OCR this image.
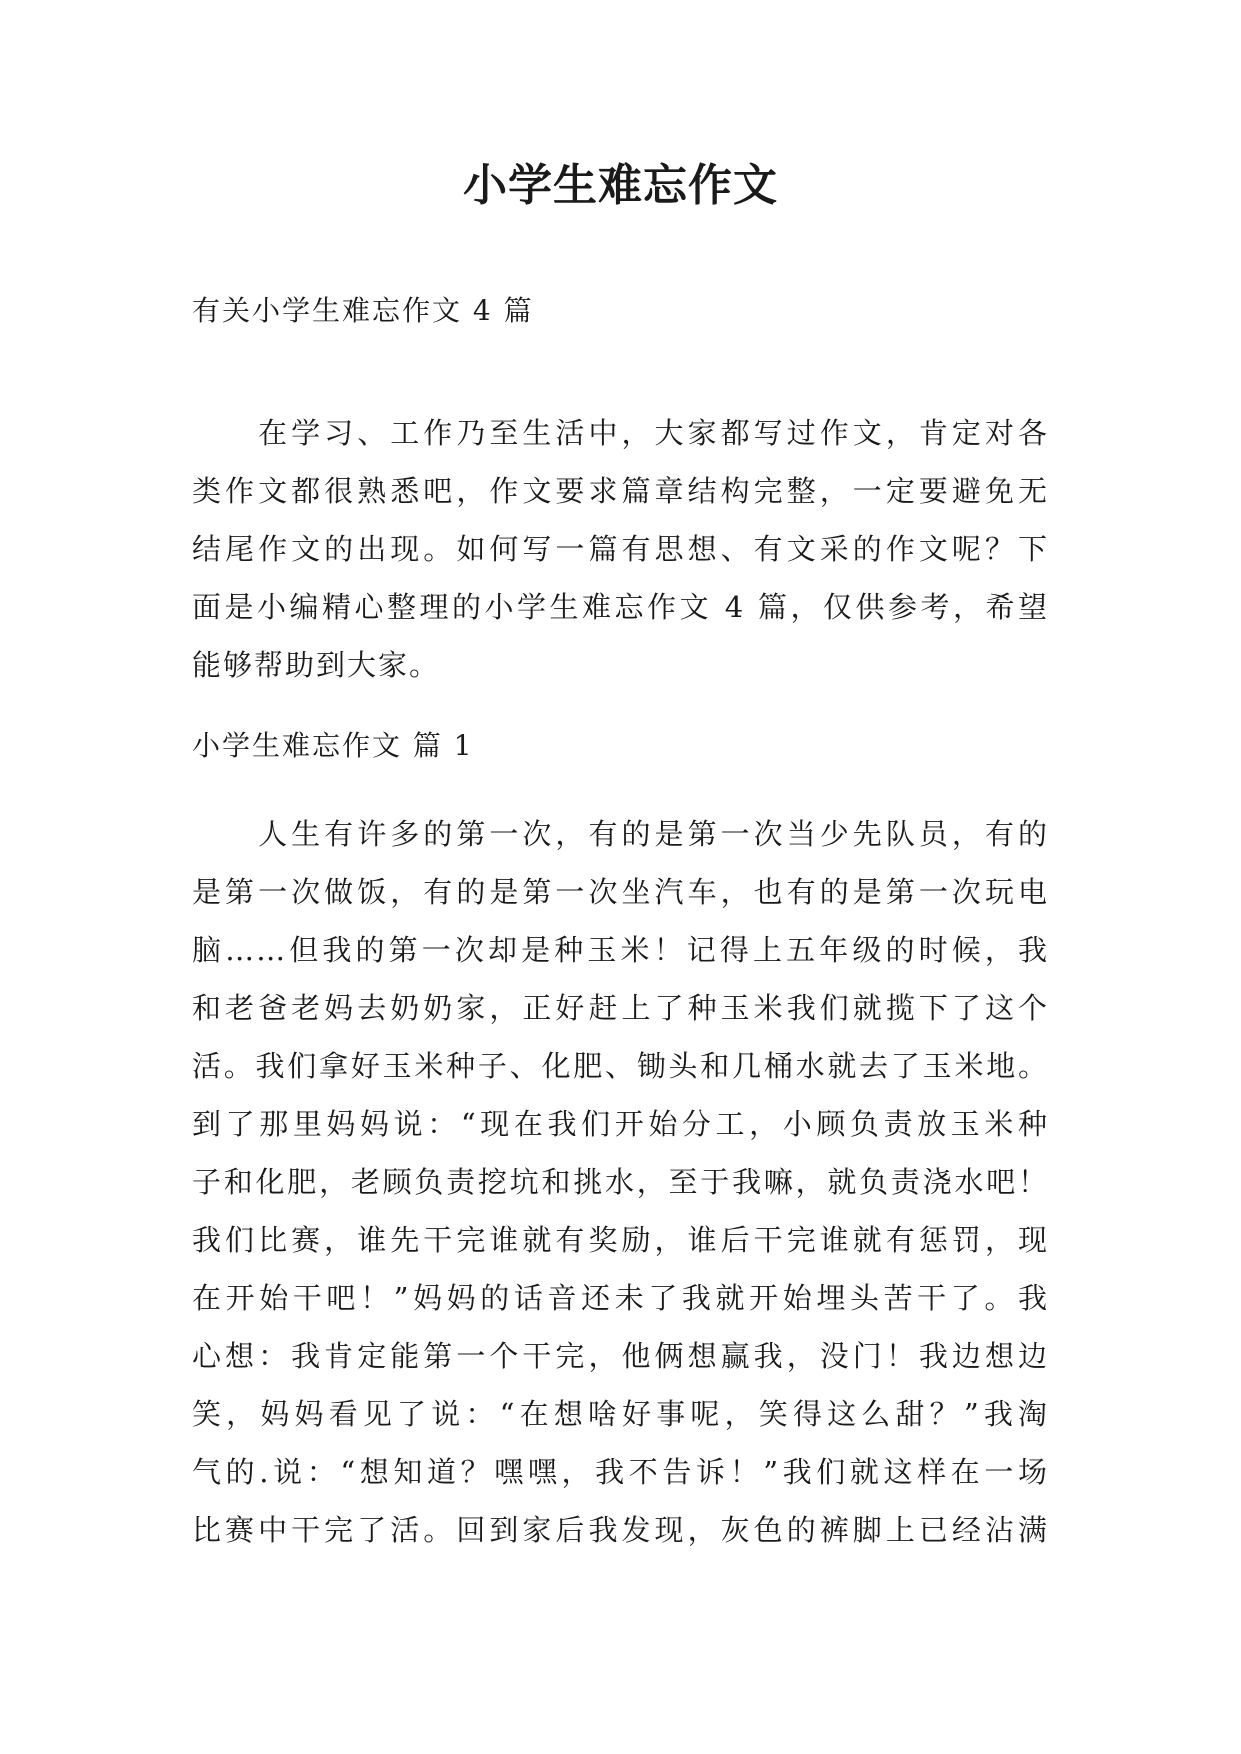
小学生难忘作文

有关小学生难忘作文 4 篇

　　在学习、工作乃至生活中，大家都写过作文，肯定对各
类作文都很熟悉吧，作文要求篇章结构完整，一定要避免无
结尾作文的出现。如何写一篇有思想、有文采的作文呢？下
面是小编精心整理的小学生难忘作文 4 篇，仅供参考，希望
能够帮助到大家。

小学生难忘作文 篇 1

　　人生有许多的第一次，有的是第一次当少先队员，有的
是第一次做饭，有的是第一次坐汽车，也有的是第一次玩电
脑……但我的第一次却是种玉米！记得上五年级的时候，我
和老爸老妈去奶奶家，正好赶上了种玉米我们就揽下了这个
活。我们拿好玉米种子、化肥、锄头和几桶水就去了玉米地。
到了那里妈妈说：“现在我们开始分工，小顾负责放玉米种
子和化肥，老顾负责挖坑和挑水，至于我嘛，就负责浇水吧！
我们比赛，谁先干完谁就有奖励，谁后干完谁就有惩罚，现
在开始干吧！”妈妈的话音还未了我就开始埋头苦干了。我
心想：我肯定能第一个干完，他俩想赢我，没门！我边想边
笑，妈妈看见了说：“在想啥好事呢，笑得这么甜？”我淘
气的.说：“想知道？嘿嘿，我不告诉！”我们就这样在一场
比赛中干完了活。回到家后我发现，灰色的裤脚上已经沾满
